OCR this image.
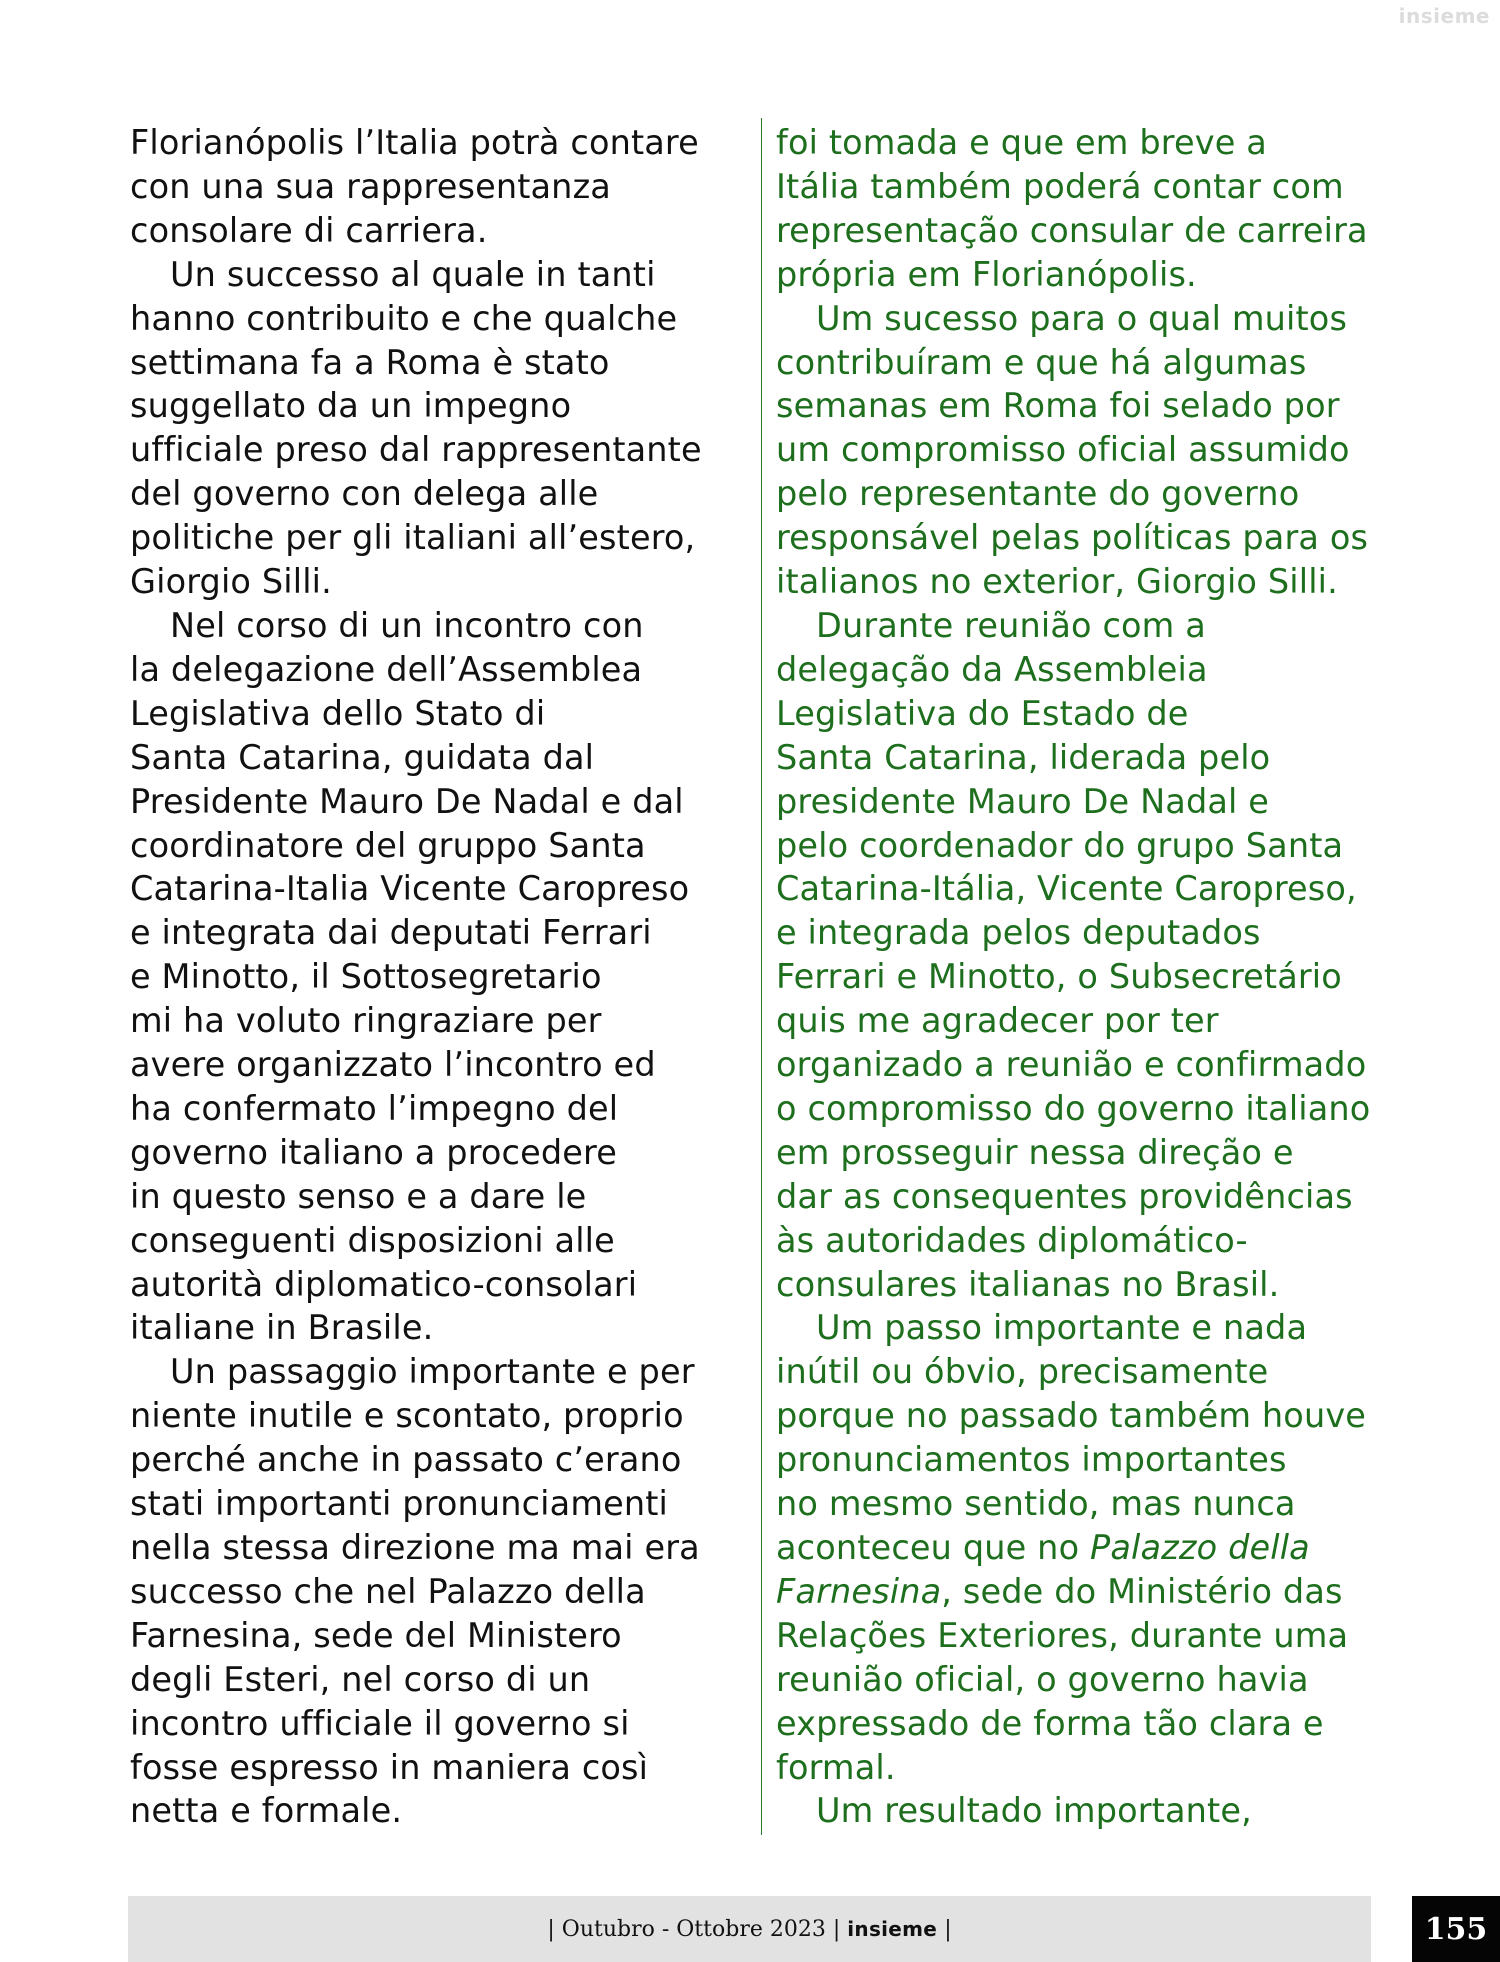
insieme

Florianópolis l’Italia potrà contare
con una sua rappresentanza
consolare di carriera.

Un successo al quale in tanti
hanno contribuito e che qualche
settimana fa a Roma è stato
suggellato da un impegno
ufficiale preso dal rappresentante
del governo con delega alle
politiche per gli italiani all’estero,
Giorgio Silli.

Nel corso di un incontro con
la delegazione dell’Assemblea
Legislativa dello Stato di
Santa Catarina, guidata dal
Presidente Mauro De Nadal e dal
coordinatore del gruppo Santa
Catarina-Italia Vicente Caropreso
e integrata dai deputati Ferrari
e Minotto, il Sottosegretario
mi ha voluto ringraziare per
avere organizzato l’incontro ed
ha confermato l’impegno del
governo italiano a procedere
in questo senso e a dare le
conseguenti disposizioni alle
autorità diplomatico-consolari
italiane in Brasile.

Un passaggio importante e per
niente inutile e scontato, proprio
perché anche in passato c’erano
stati importanti pronunciamenti
nella stessa direzione ma mai era
successo che nel Palazzo della
Farnesina, sede del Ministero
degli Esteri, nel corso di un
incontro ufficiale il governo si
fosse espresso in maniera così
netta e formale.

foi tomada e que em breve a
Itália também poderá contar com
representação consular de carreira
própria em Florianópolis.

Um sucesso para o qual muitos
contribuíram e que há algumas
semanas em Roma foi selado por
um compromisso oficial assumido
pelo representante do governo
responsável pelas políticas para os
italianos no exterior, Giorgio Silli.

Durante reunião com a
delegação da Assembleia
Legislativa do Estado de
Santa Catarina, liderada pelo
presidente Mauro De Nadal e
pelo coordenador do grupo Santa
Catarina-Itália, Vicente Caropreso,
e integrada pelos deputados
Ferrari e Minotto, o Subsecretário
quis me agradecer por ter
organizado a reunião e confirmado
o compromisso do governo italiano
em prosseguir nessa direção e
dar as consequentes providências
às autoridades diplomático-
consulares italianas no Brasil.

Um passo importante e nada
inútil ou óbvio, precisamente
porque no passado também houve
pronunciamentos importantes
no mesmo sentido, mas nunca
aconteceu que no Palazzo della
Farnesina, sede do Ministério das
Relações Exteriores, durante uma
reunião oficial, o governo havia
expressado de forma tão clara e
formal.

Um resultado importante,

| Outubro - Ottobre 2023 |
insieme
|	155
